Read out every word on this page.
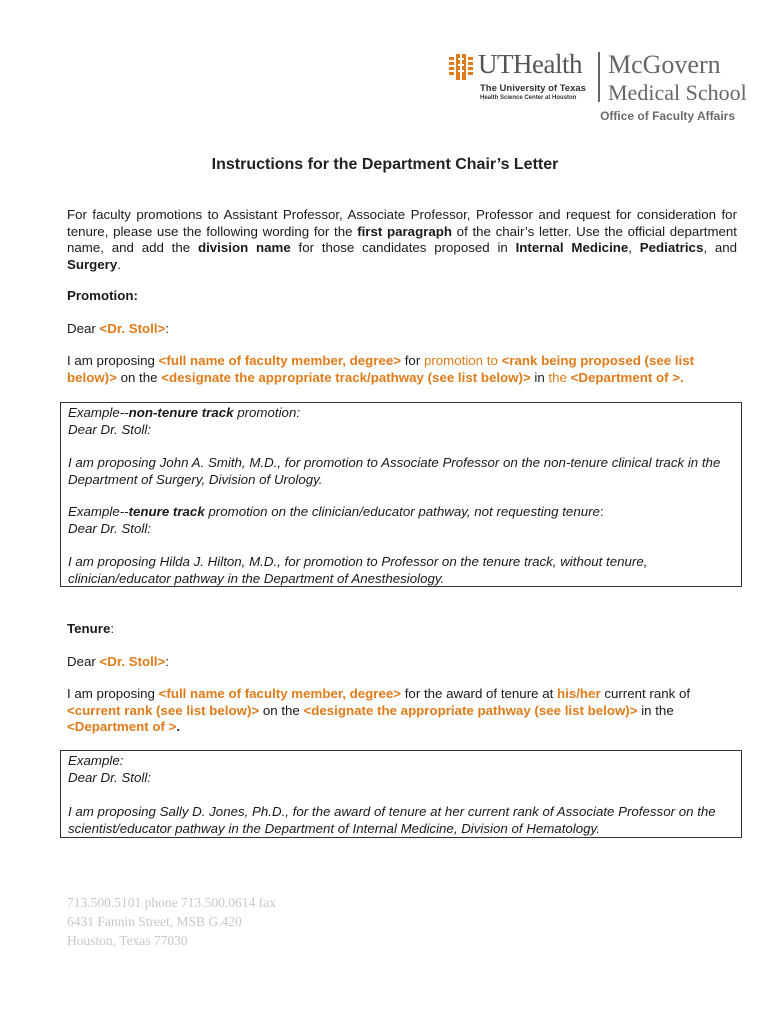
UTHealth
The University of Texas
Health Science Center at Houston
McGovern
Medical School
Office of Faculty Affairs
Instructions for the Department Chair’s Letter
For faculty promotions to Assistant Professor, Associate Professor, Professor and request for consideration for tenure, please use the following wording for the first paragraph of the chair’s letter. Use the official department name, and add the division name for those candidates proposed in Internal Medicine, Pediatrics, and Surgery.
Promotion:
Dear <Dr. Stoll>:
I am proposing <full name of faculty member, degree> for promotion to <rank being proposed (see list below)> on the <designate the appropriate track/pathway (see list below)> in the <Department of >.

Example--non-tenure track promotion:

Dear Dr. Stoll:

I am proposing John A. Smith, M.D., for promotion to Associate Professor on the non-tenure clinical track in the Department of Surgery, Division of Urology.

Example--tenure track promotion on the clinician/educator pathway, not requesting tenure:

Dear Dr. Stoll:

I am proposing Hilda J. Hilton, M.D., for promotion to Professor on the tenure track, without tenure, clinician/educator pathway in the Department of Anesthesiology.

Tenure:
Dear <Dr. Stoll>:
I am proposing <full name of faculty member, degree> for the award of tenure at his/her current rank of <current rank (see list below)> on the <designate the appropriate pathway (see list below)> in the <Department of >.

Example:

Dear Dr. Stoll:

I am proposing Sally D. Jones, Ph.D., for the award of tenure at her current rank of Associate Professor on the scientist/educator pathway in the Department of Internal Medicine, Division of Hematology.

713.500.5101 phone 713.500.0614 fax
6431 Fannin Street, MSB G.420
Houston, Texas 77030
